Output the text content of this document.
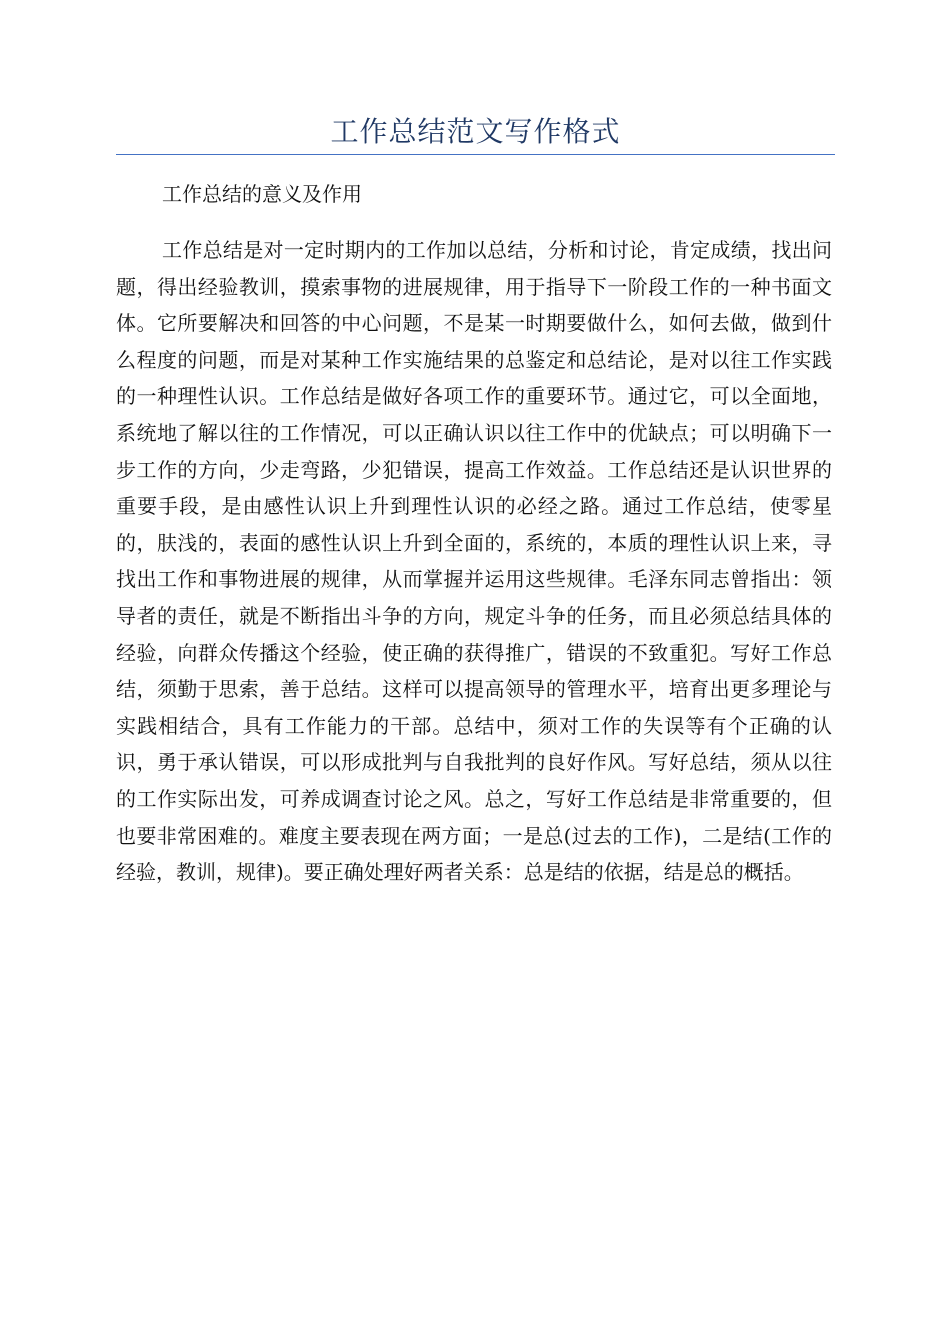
工作总结范文写作格式
工作总结的意义及作用

工作总结是对一定时期内的工作加以总结，分析和讨论，肯定成绩，找出问题，得出经验教训，摸索事物的进展规律，用于指导下一阶段工作的一种书面文体。它所要解决和回答的中心问题，不是某一时期要做什么，如何去做，做到什么程度的问题，而是对某种工作实施结果的总鉴定和总结论，是对以往工作实践的一种理性认识。工作总结是做好各项工作的重要环节。通过它，可以全面地，系统地了解以往的工作情况，可以正确认识以往工作中的优缺点；可以明确下一步工作的方向，少走弯路，少犯错误，提高工作效益。工作总结还是认识世界的重要手段，是由感性认识上升到理性认识的必经之路。通过工作总结，使零星的，肤浅的，表面的感性认识上升到全面的，系统的，本质的理性认识上来，寻找出工作和事物进展的规律，从而掌握并运用这些规律。毛泽东同志曾指出：领导者的责任，就是不断指出斗争的方向，规定斗争的任务，而且必须总结具体的经验，向群众传播这个经验，使正确的获得推广，错误的不致重犯。写好工作总结，须勤于思索，善于总结。这样可以提高领导的管理水平，培育出更多理论与实践相结合，具有工作能力的干部。总结中，须对工作的失误等有个正确的认识，勇于承认错误，可以形成批判与自我批判的良好作风。写好总结，须从以往的工作实际出发，可养成调查讨论之风。总之，写好工作总结是非常重要的，但也要非常困难的。难度主要表现在两方面；一是总(过去的工作)，二是结(工作的经验，教训，规律)。要正确处理好两者关系：总是结的依据，结是总的概括。
